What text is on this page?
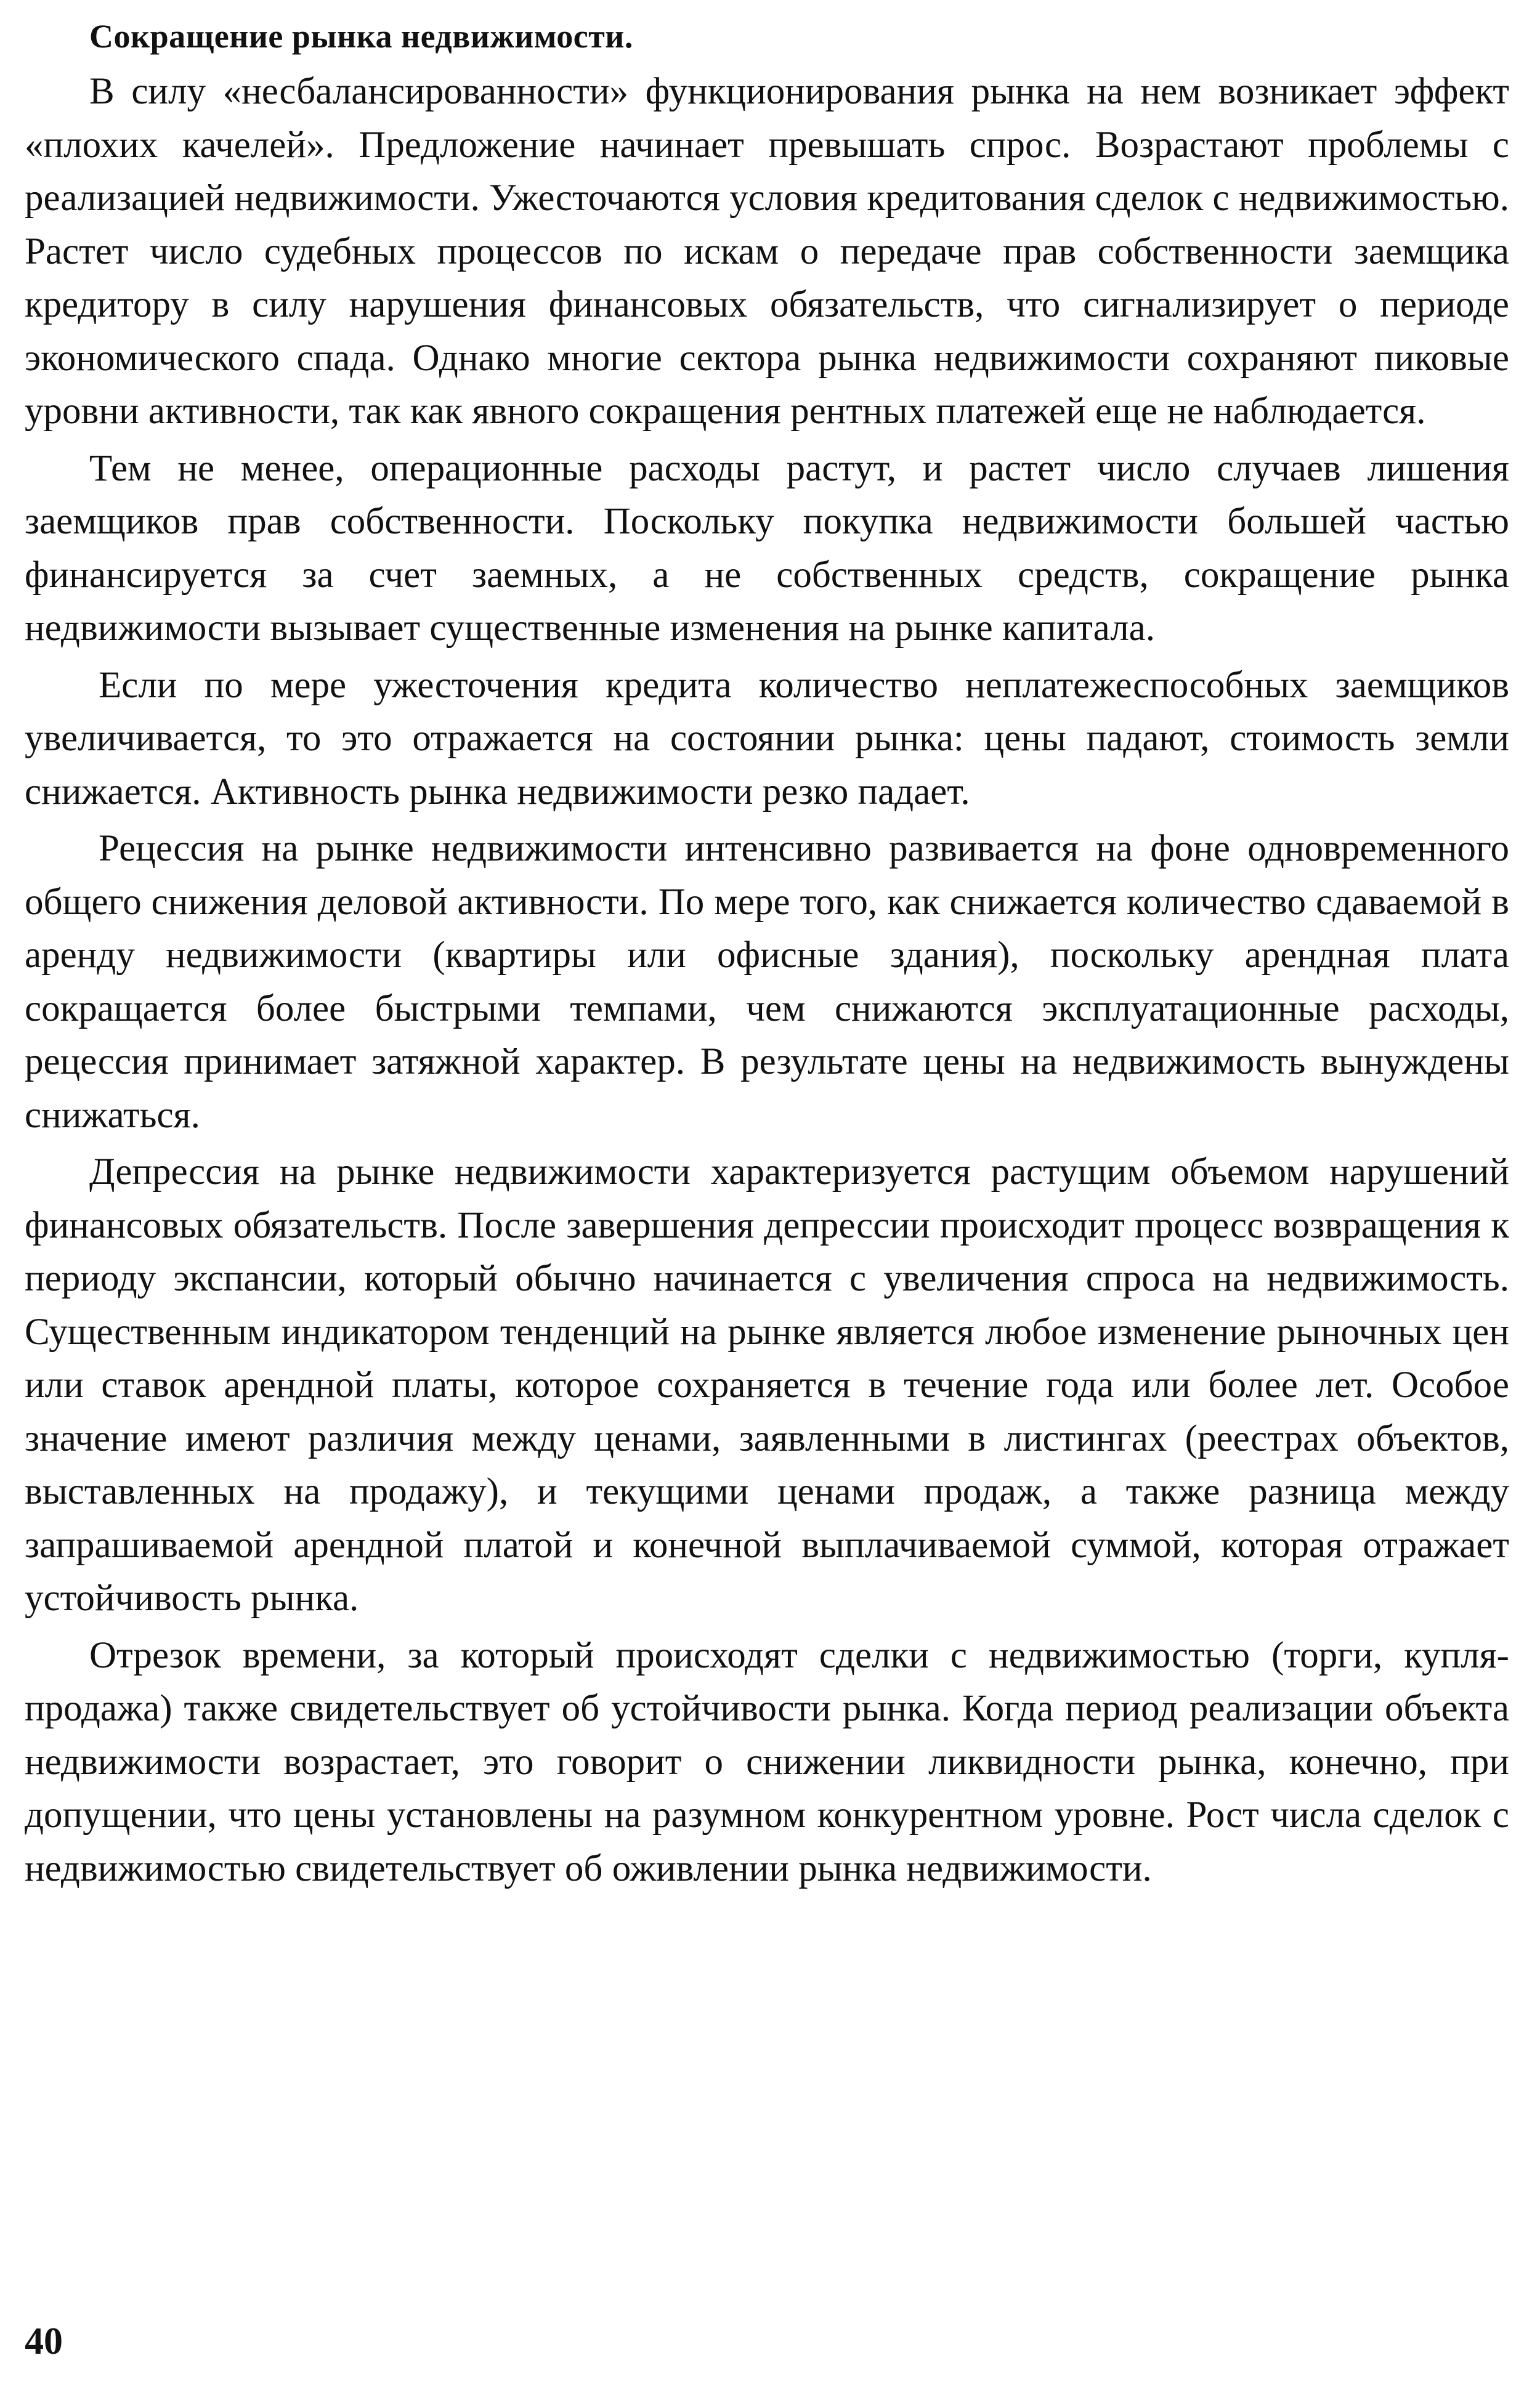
Сокращение рынка недвижимости.

В силу «несбалансированности» функционирования рынка на нем возникает эффект «плохих качелей». Предложение начинает превышать спрос. Возрастают проблемы с реализацией недвижимости. Ужесточаются условия кредитования сделок с недвижимостью. Растет число судебных процессов по искам о передаче прав собственности заемщика кредитору в силу нарушения финансовых обязательств, что сигнализирует о периоде экономического спада. Однако многие сектора рынка недвижимости сохраняют пиковые уровни активности, так как явного сокращения рентных платежей еще не наблюдается.

Тем не менее, операционные расходы растут, и растет число случаев лишения заемщиков прав собственности. Поскольку покупка недвижимости большей частью финансируется за счет заемных, а не собственных средств, сокращение рынка недвижимости вызывает существенные изменения на рынке капитала.

Если по мере ужесточения кредита количество неплатежеспособных заемщиков увеличивается, то это отражается на состоянии рынка: цены падают, стоимость земли снижается. Активность рынка недвижимости резко падает.

Рецессия на рынке недвижимости интенсивно развивается на фоне одновременного общего снижения деловой активности. По мере того, как снижается количество сдаваемой в аренду недвижимости (квартиры или офисные здания), поскольку арендная плата сокращается более быстрыми темпами, чем снижаются эксплуатационные расходы, рецессия принимает затяжной характер. В результате цены на недвижимость вынуждены снижаться.

Депрессия на рынке недвижимости характеризуется растущим объемом нарушений финансовых обязательств. После завершения депрессии происходит процесс возвращения к периоду экспансии, который обычно начинается с увеличения спроса на недвижимость. Существенным индикатором тенденций на рынке является любое изменение рыночных цен или ставок арендной платы, которое сохраняется в течение года или более лет. Особое значение имеют различия между ценами, заявленными в листингах (реестрах объектов, выставленных на продажу), и текущими ценами продаж, а также разница между запрашиваемой арендной платой и конечной выплачиваемой суммой, которая отражает устойчивость рынка.

Отрезок времени, за который происходят сделки с недвижимостью (торги, купля-продажа) также свидетельствует об устойчивости рынка. Когда период реализации объекта недвижимости возрастает, это говорит о снижении ликвидности рынка, конечно, при допущении, что цены установлены на разумном конкурентном уровне. Рост числа сделок с недвижимостью свидетельствует об оживлении рынка недвижимости.

40
